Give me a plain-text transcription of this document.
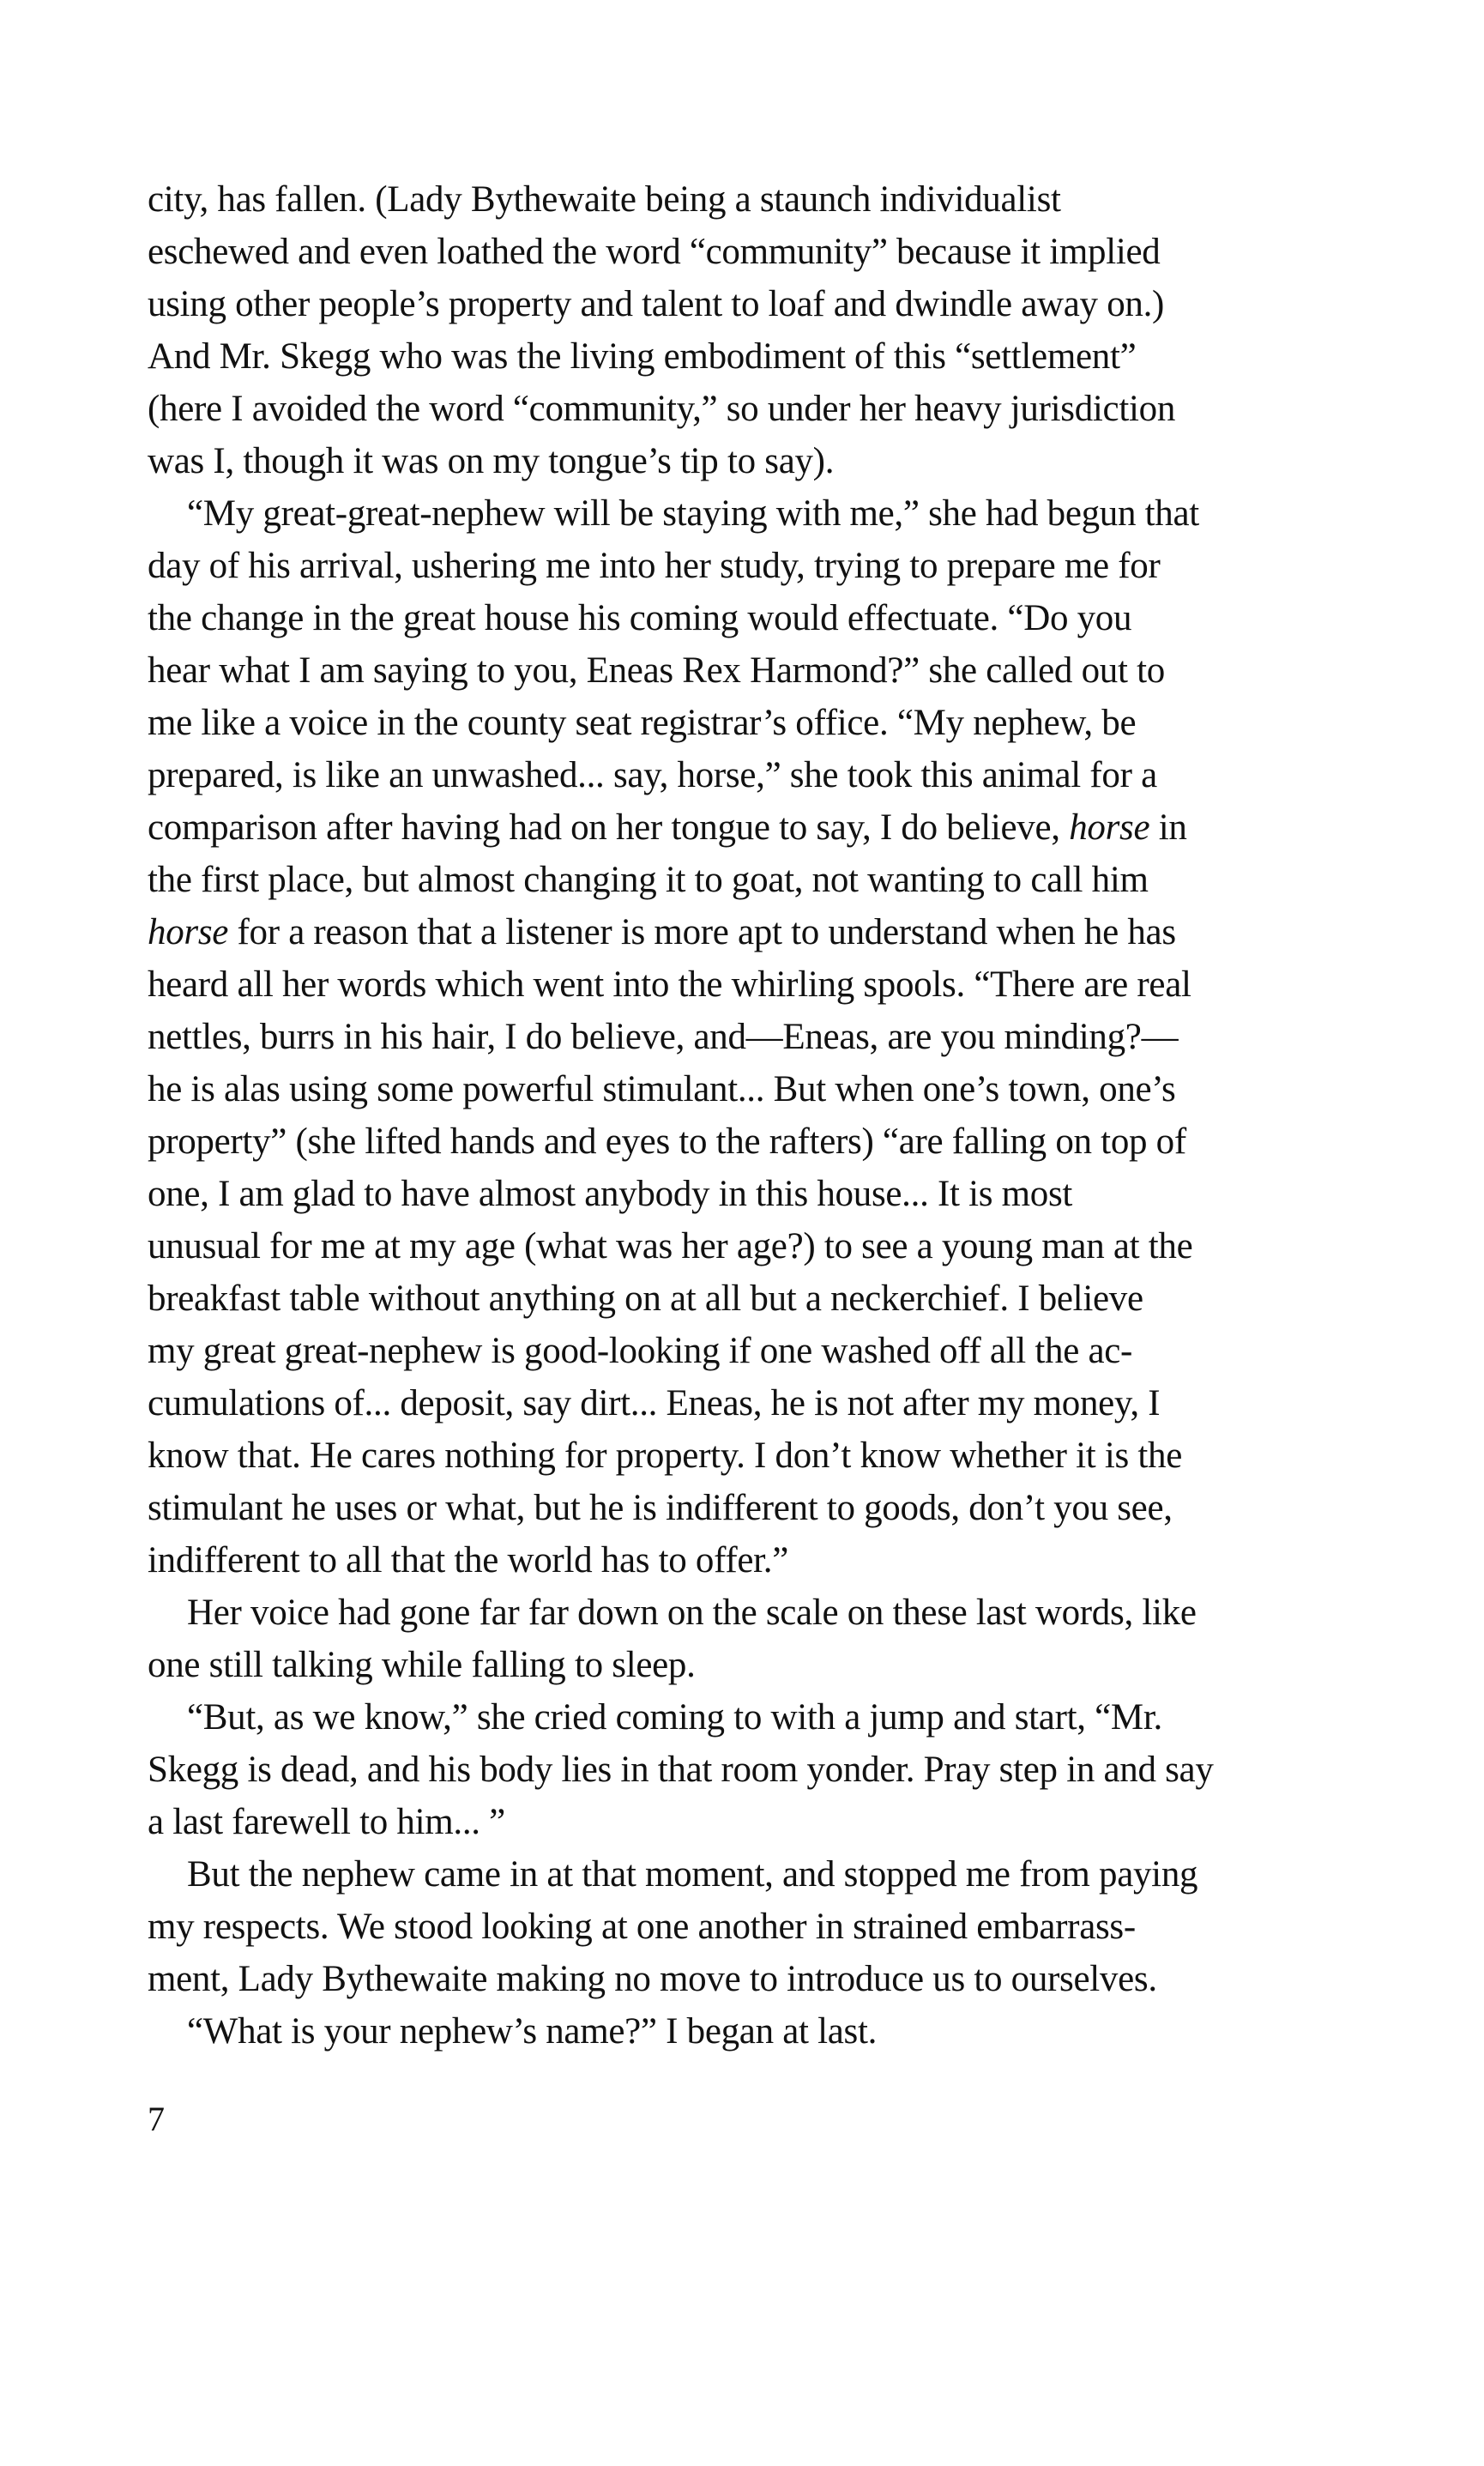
city, has fallen. (Lady Bythewaite being a staunch individualist
eschewed and even loathed the word “community” because it implied
using other people’s property and talent to loaf and dwindle away on.)
And Mr. Skegg who was the living embodiment of this “settlement”
(here I avoided the word “community,” so under her heavy jurisdiction
was I, though it was on my tongue’s tip to say).
“My great-great-nephew will be staying with me,” she had begun that
day of his arrival, ushering me into her study, trying to prepare me for
the change in the great house his coming would effectuate. “Do you
hear what I am saying to you, Eneas Rex Harmond?” she called out to
me like a voice in the county seat registrar’s office. “My nephew, be
prepared, is like an unwashed... say, horse,” she took this animal for a
comparison after having had on her tongue to say, I do believe, horse in
the first place, but almost changing it to goat, not wanting to call him
horse for a reason that a listener is more apt to understand when he has
heard all her words which went into the whirling spools. “There are real
nettles, burrs in his hair, I do believe, and—Eneas, are you minding?—
he is alas using some powerful stimulant... But when one’s town, one’s
property” (she lifted hands and eyes to the rafters) “are falling on top of
one, I am glad to have almost anybody in this house... It is most
unusual for me at my age (what was her age?) to see a young man at the
breakfast table without anything on at all but a neckerchief. I believe
my great great-nephew is good-looking if one washed off all the ac-
cumulations of... deposit, say dirt... Eneas, he is not after my money, I
know that. He cares nothing for property. I don’t know whether it is the
stimulant he uses or what, but he is indifferent to goods, don’t you see,
indifferent to all that the world has to offer.”
Her voice had gone far far down on the scale on these last words, like
one still talking while falling to sleep.
“But, as we know,” she cried coming to with a jump and start, “Mr.
Skegg is dead, and his body lies in that room yonder. Pray step in and say
a last farewell to him... ”
But the nephew came in at that moment, and stopped me from paying
my respects. We stood looking at one another in strained embarrass-
ment, Lady Bythewaite making no move to introduce us to ourselves.
“What is your nephew’s name?” I began at last.
7
